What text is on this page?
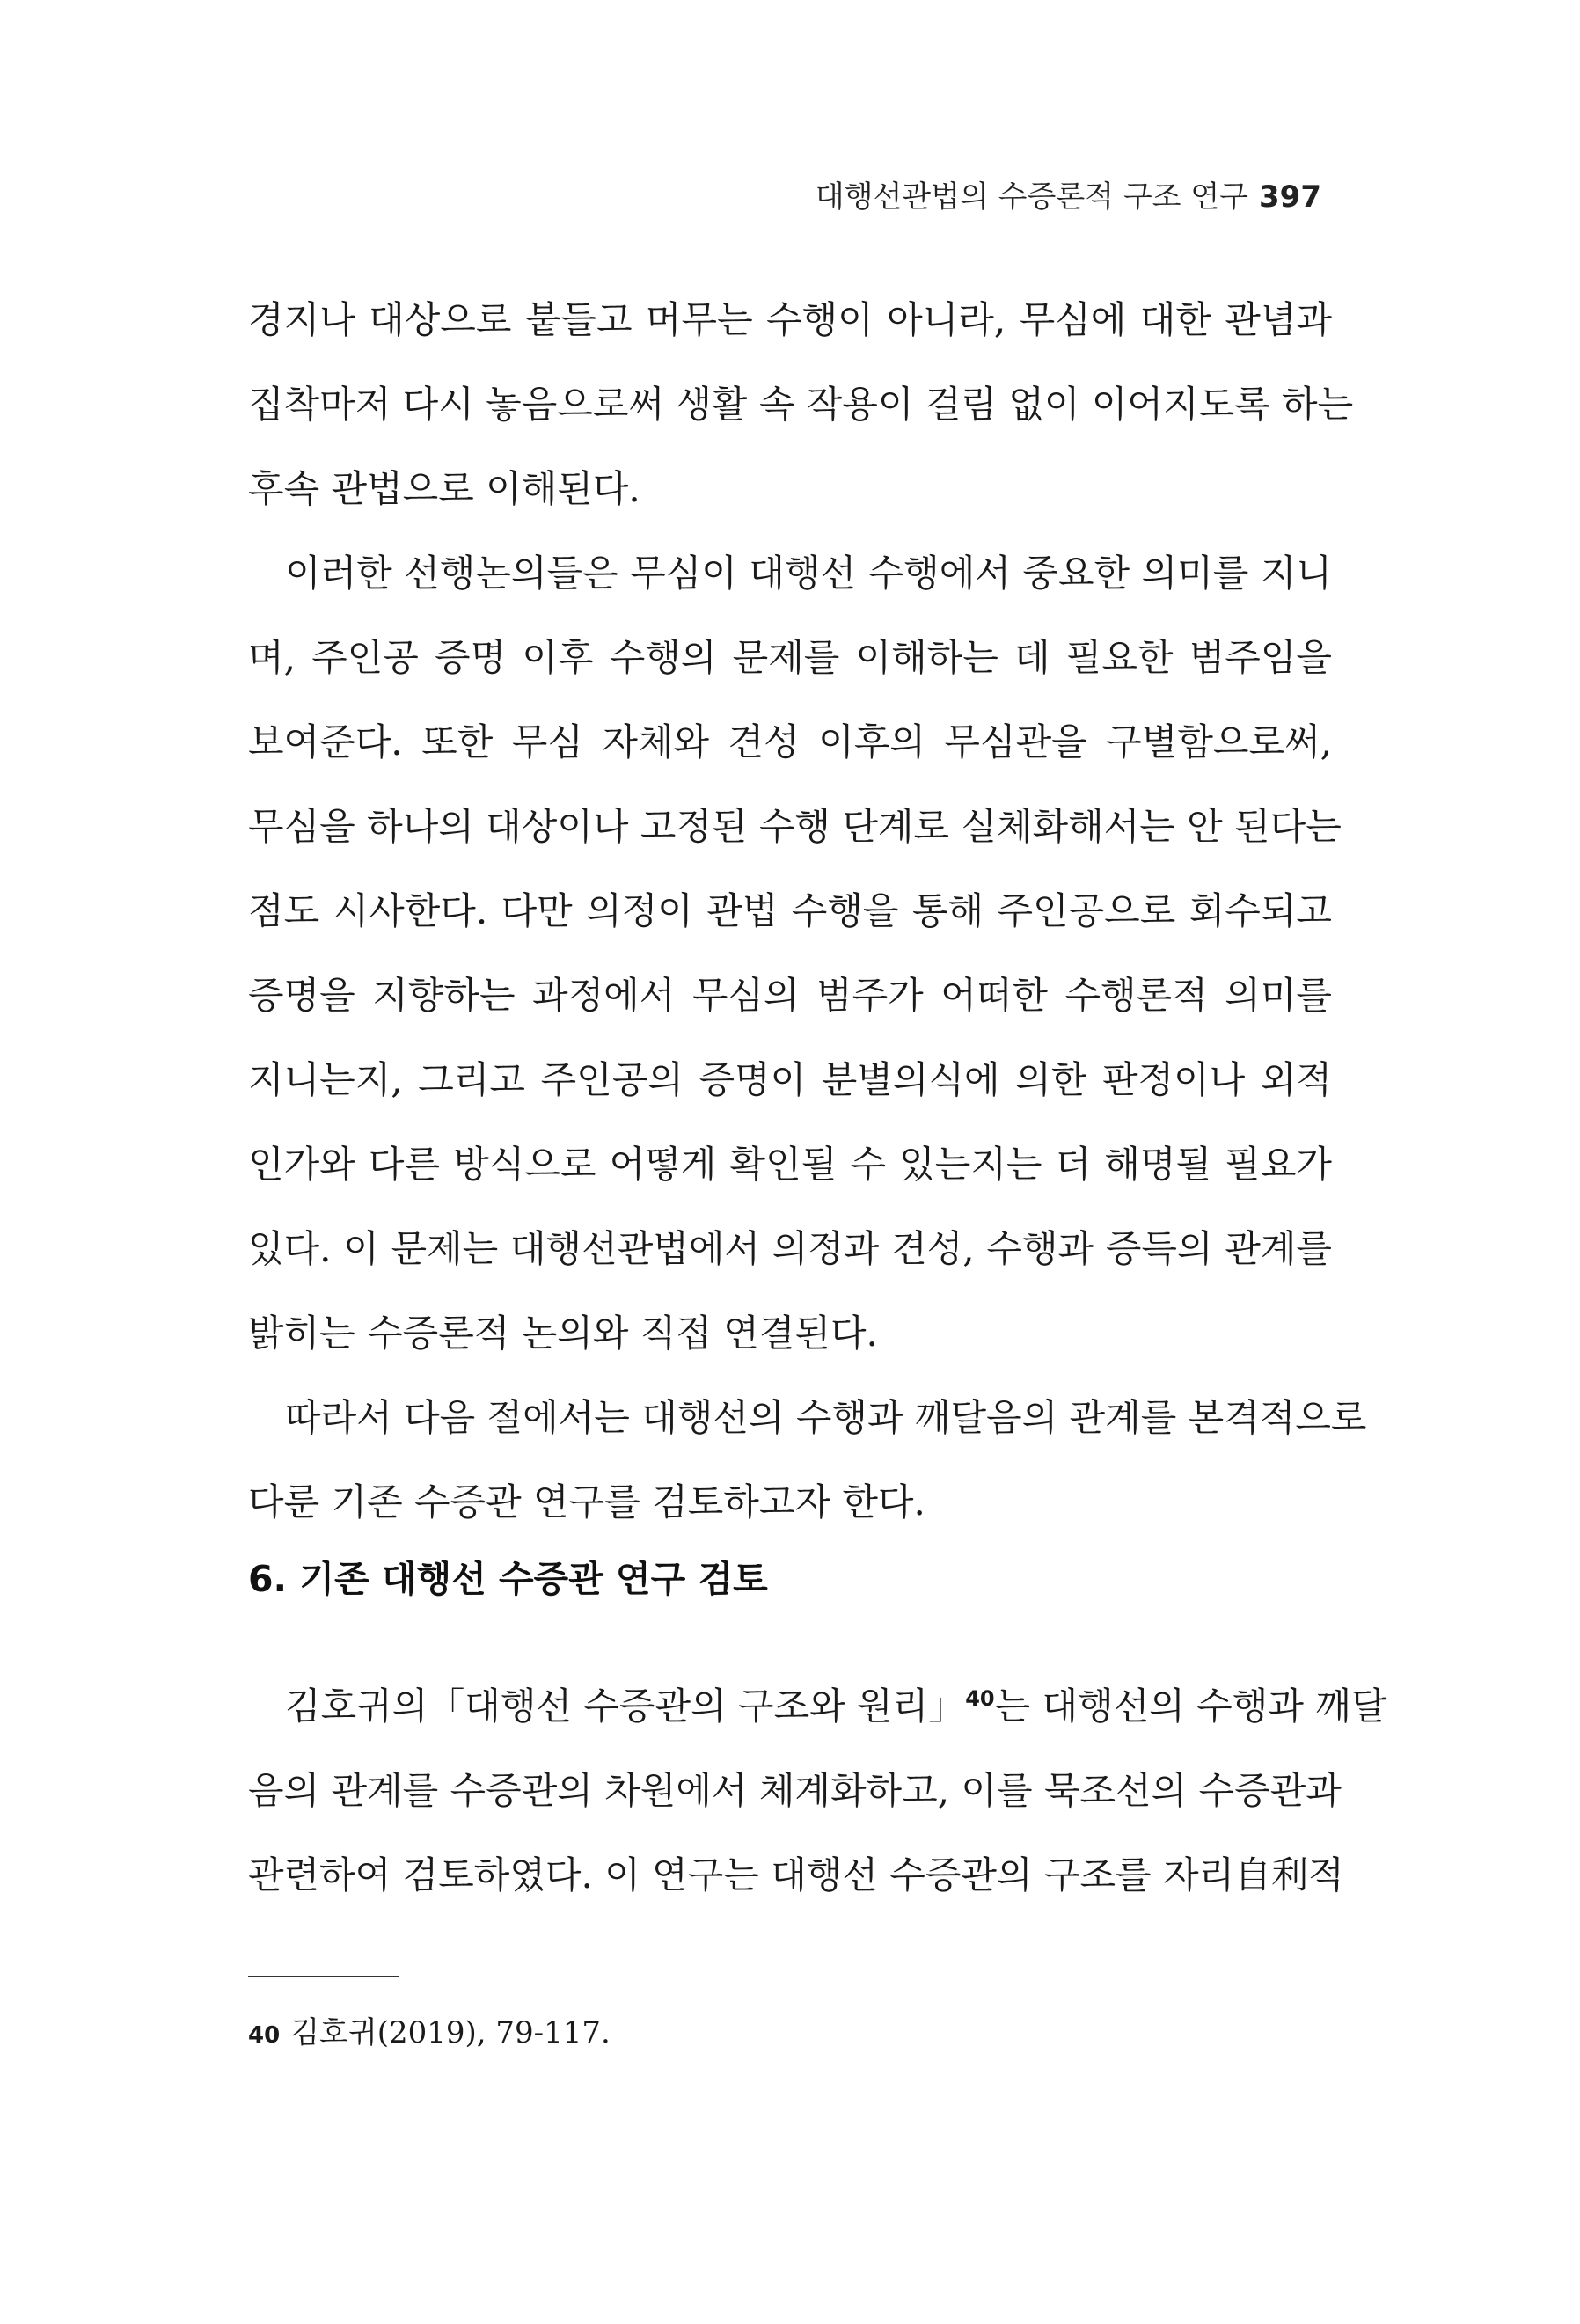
대행선관법의 수증론적 구조 연구 397
경지나 대상으로 붙들고 머무는 수행이 아니라, 무심에 대한 관념과
집착마저 다시 놓음으로써 생활 속 작용이 걸림 없이 이어지도록 하는
후속 관법으로 이해된다.
이러한 선행논의들은 무심이 대행선 수행에서 중요한 의미를 지니
며, 주인공 증명 이후 수행의 문제를 이해하는 데 필요한 범주임을
보여준다. 또한 무심 자체와 견성 이후의 무심관을 구별함으로써,
무심을 하나의 대상이나 고정된 수행 단계로 실체화해서는 안 된다는
점도 시사한다. 다만 의정이 관법 수행을 통해 주인공으로 회수되고
증명을 지향하는 과정에서 무심의 범주가 어떠한 수행론적 의미를
지니는지, 그리고 주인공의 증명이 분별의식에 의한 판정이나 외적
인가와 다른 방식으로 어떻게 확인될 수 있는지는 더 해명될 필요가
있다. 이 문제는 대행선관법에서 의정과 견성, 수행과 증득의 관계를
밝히는 수증론적 논의와 직접 연결된다.
따라서 다음 절에서는 대행선의 수행과 깨달음의 관계를 본격적으로
다룬 기존 수증관 연구를 검토하고자 한다.
6. 기존 대행선 수증관 연구 검토
김호귀의「대행선 수증관의 구조와 원리」$^{40}$는 대행선의 수행과 깨달
음의 관계를 수증관의 차원에서 체계화하고, 이를 묵조선의 수증관과
관련하여 검토하였다. 이 연구는 대행선 수증관의 구조를 자리自利적
40 김호귀(2019), 79-117.
